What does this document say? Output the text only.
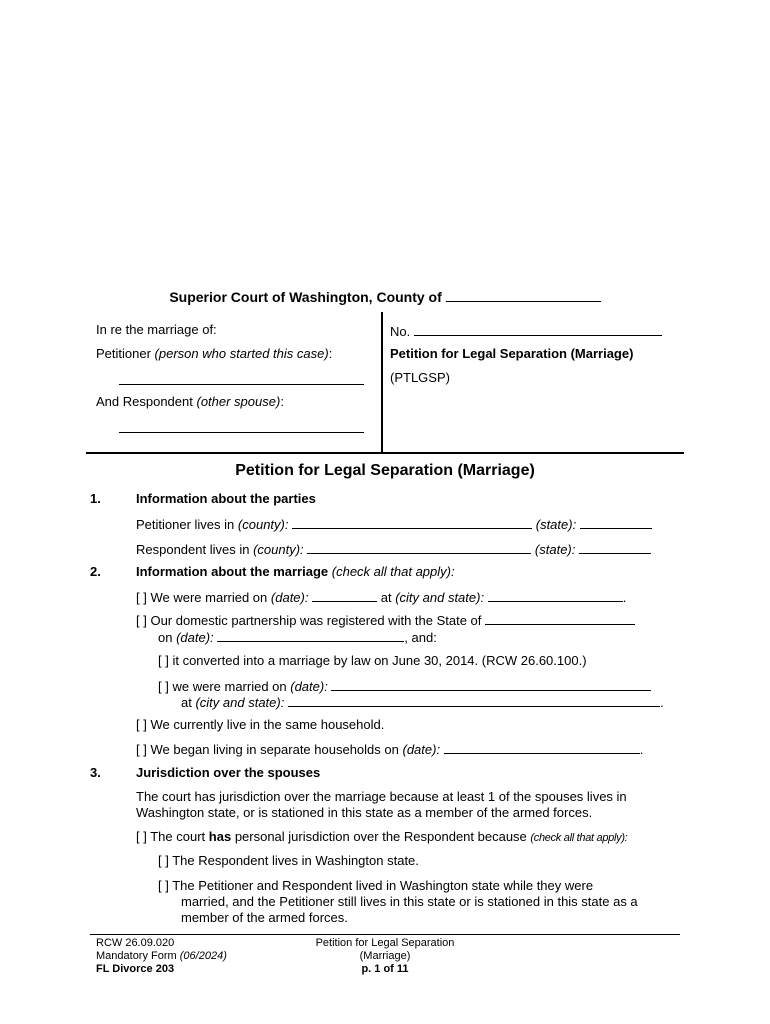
Superior Court of Washington, County of
In re the marriage of:
Petitioner (person who started this case):
And Respondent (other spouse):
No.
Petition for Legal Separation (Marriage)
(PTLGSP)
Petition for Legal Separation (Marriage)
1.	Information about the parties
Petitioner lives in (county):	(state):
Respondent lives in (county):	(state):
2.	Information about the marriage (check all that apply):
[ ] We were married on (date):	at (city and state):	.
[ ] Our domestic partnership was registered with the State of
on (date):	, and:
[ ] it converted into a marriage by law on June 30, 2014. (RCW 26.60.100.)
[ ] we were married on (date):
at (city and state):	.
[ ] We currently live in the same household.
[ ] We began living in separate households on (date):	.
3.	Jurisdiction over the spouses
The court has jurisdiction over the marriage because at least 1 of the spouses lives in
Washington state, or is stationed in this state as a member of the armed forces.
[ ] The court has personal jurisdiction over the Respondent because (check all that apply):
[ ] The Respondent lives in Washington state.
[ ] The Petitioner and Respondent lived in Washington state while they were
married, and the Petitioner still lives in this state or is stationed in this state as a
member of the armed forces.
RCW 26.09.020
Mandatory Form (06/2024)
FL Divorce 203
Petition for Legal Separation
(Marriage)
p. 1 of 11
